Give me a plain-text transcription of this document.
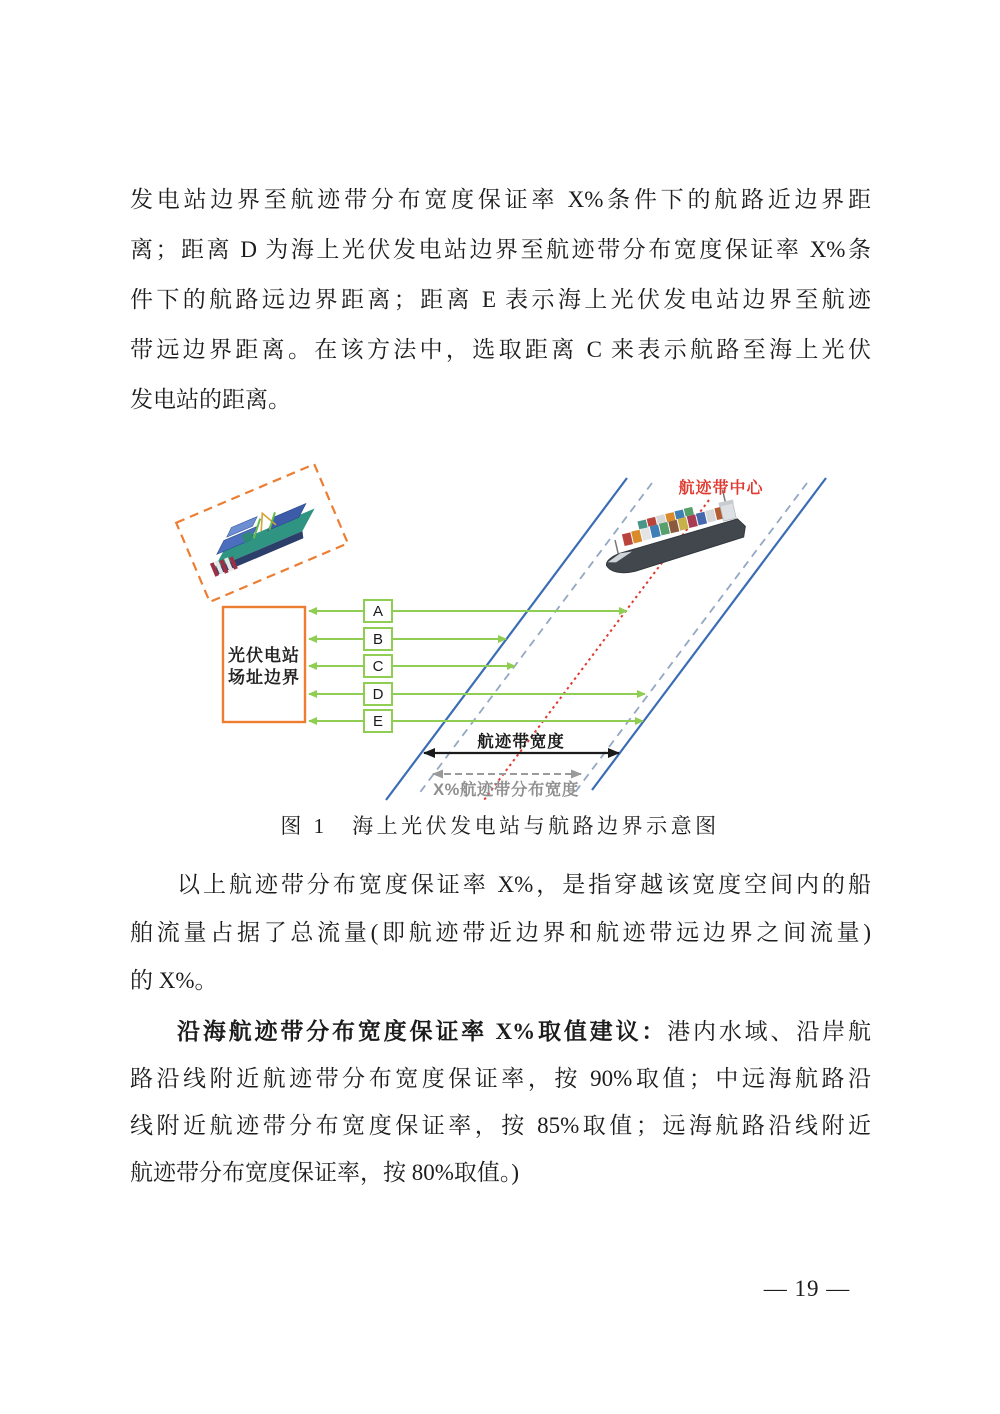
发电站边界至航迹带分布宽度保证率 X%条件下的航路近边界距
离；距离 D 为海上光伏发电站边界至航迹带分布宽度保证率 X%条
件下的航路远边界距离；距离 E 表示海上光伏发电站边界至航迹
带远边界距离。在该方法中，选取距离 C 来表示航路至海上光伏
发电站的距离。
航迹带中心
光伏电站
场址边界
A
B
C
D
E
航迹带宽度
X%航迹带分布宽度
图 1　海上光伏发电站与航路边界示意图
以上航迹带分布宽度保证率 X%，是指穿越该宽度空间内的船
舶流量占据了总流量(即航迹带近边界和航迹带远边界之间流量)
的 X%。
沿海航迹带分布宽度保证率 X%取值建议：港内水域、沿岸航
路沿线附近航迹带分布宽度保证率，按 90%取值；中远海航路沿
线附近航迹带分布宽度保证率，按 85%取值；远海航路沿线附近
航迹带分布宽度保证率，按 80%取值。)
— 19 —
